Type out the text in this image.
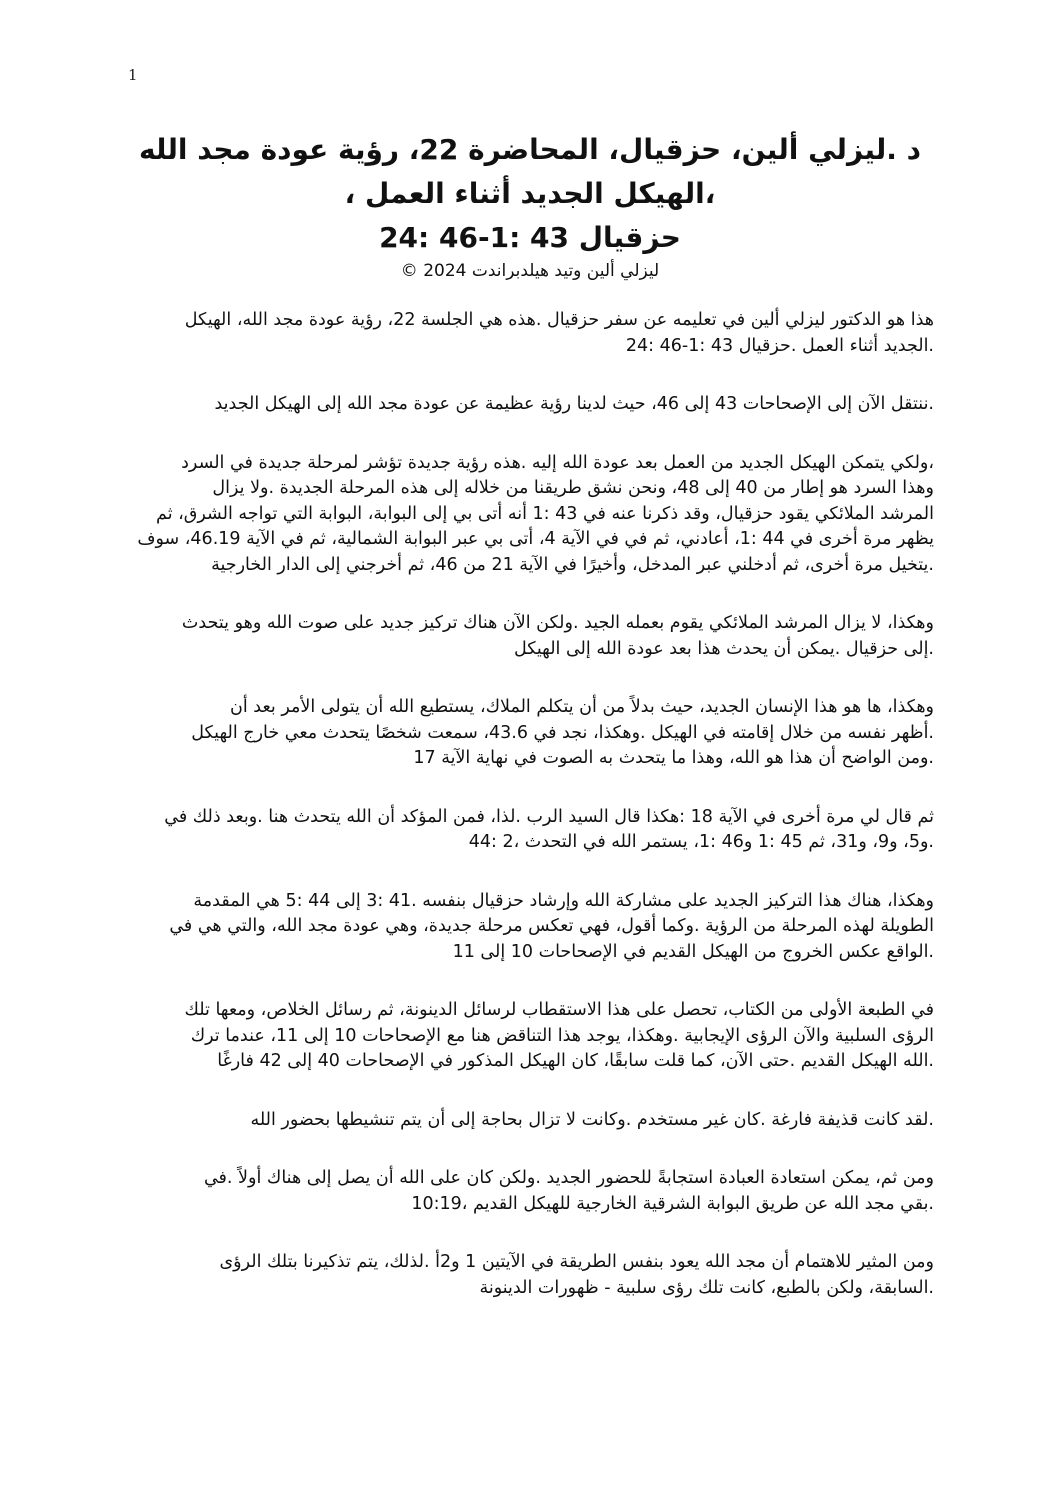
1
د .ليزلي ألين، حزقيال، المحاضرة 22، رؤية عودة مجد الله
،الهيكل الجديد أثناء العمل ،
حزقيال 43 :1-46 :24
ليزلي ألين وتيد هيلدبراندت 2024 ©

هذا هو الدكتور ليزلي ألين في تعليمه عن سفر حزقيال .هذه هي الجلسة 22، رؤية عودة مجد الله، الهيكل
.الجديد أثناء العمل .حزقيال 43 :1-46 :24

.ننتقل الآن إلى الإصحاحات 43 إلى 46، حيث لدينا رؤية عظيمة عن عودة مجد الله إلى الهيكل الجديد

،ولكي يتمكن الهيكل الجديد من العمل بعد عودة الله إليه .هذه رؤية جديدة تؤشر لمرحلة جديدة في السرد
وهذا السرد هو إطار من 40 إلى 48، ونحن نشق طريقنا من خلاله إلى هذه المرحلة الجديدة .ولا يزال
المرشد الملائكي يقود حزقيال، وقد ذكرنا عنه في 43 :1 أنه أتى بي إلى البوابة، البوابة التي تواجه الشرق، ثم
يظهر مرة أخرى في 44 :1، أعادني، ثم في في الآية 4، أتى بي عبر البوابة الشمالية، ثم في الآية 46.19، سوف
.يتخيل مرة أخرى، ثم أدخلني عبر المدخل، وأخيرًا في الآية 21 من 46، ثم أخرجني إلى الدار الخارجية

وهكذا، لا يزال المرشد الملائكي يقوم بعمله الجيد .ولكن الآن هناك تركيز جديد على صوت الله وهو يتحدث
.إلى حزقيال .يمكن أن يحدث هذا بعد عودة الله إلى الهيكل

وهكذا، ها هو هذا الإنسان الجديد، حيث بدلاً من أن يتكلم الملاك، يستطيع الله أن يتولى الأمر بعد أن
.أظهر نفسه من خلال إقامته في الهيكل .وهكذا، نجد في 43.6، سمعت شخصًا يتحدث معي خارج الهيكل
.ومن الواضح أن هذا هو الله، وهذا ما يتحدث به الصوت في نهاية الآية 17

ثم قال لي مرة أخرى في الآية 18 :هكذا قال السيد الرب .لذا، فمن المؤكد أن الله يتحدث هنا .وبعد ذلك في
.و5، و9، و31، ثم 45 :1 و46 :1، يستمر الله في التحدث ،2 :44

وهكذا، هناك هذا التركيز الجديد على مشاركة الله وإرشاد حزقيال بنفسه .41 :3 إلى 44 :5 هي المقدمة
الطويلة لهذه المرحلة من الرؤية .وكما أقول، فهي تعكس مرحلة جديدة، وهي عودة مجد الله، والتي هي في
.الواقع عكس الخروج من الهيكل القديم في الإصحاحات 10 إلى 11

في الطبعة الأولى من الكتاب، تحصل على هذا الاستقطاب لرسائل الدينونة، ثم رسائل الخلاص، ومعها تلك
الرؤى السلبية والآن الرؤى الإيجابية .وهكذا، يوجد هذا التناقض هنا مع الإصحاحات 10 إلى 11، عندما ترك
.الله الهيكل القديم .حتى الآن، كما قلت سابقًا، كان الهيكل المذكور في الإصحاحات 40 إلى 42 فارغًا

.لقد كانت قذيفة فارغة .كان غير مستخدم .وكانت لا تزال بحاجة إلى أن يتم تنشيطها بحضور الله

ومن ثم، يمكن استعادة العبادة استجابةً للحضور الجديد .ولكن كان على الله أن يصل إلى هناك أولاً .في
.بقي مجد الله عن طريق البوابة الشرقية الخارجية للهيكل القديم ،10:19

ومن المثير للاهتمام أن مجد الله يعود بنفس الطريقة في الآيتين 1 و2أ .لذلك، يتم تذكيرنا بتلك الرؤى
.السابقة، ولكن بالطبع، كانت تلك رؤى سلبية - ظهورات الدينونة
